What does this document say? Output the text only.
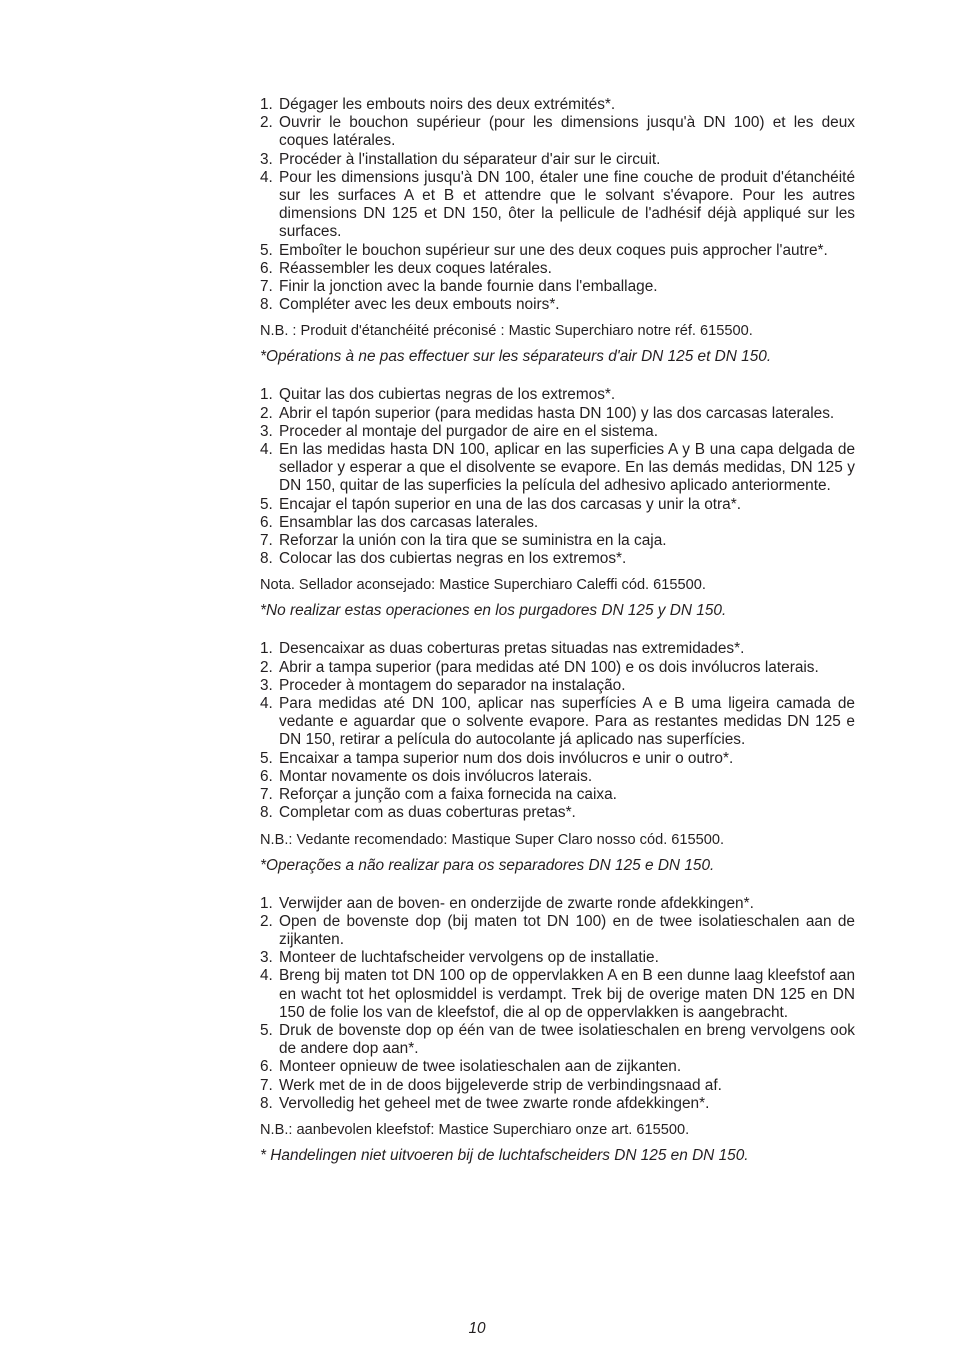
1. Dégager les embouts noirs des deux extrémités*.
2. Ouvrir le bouchon supérieur (pour les dimensions jusqu'à DN 100) et les deux coques latérales.
3. Procéder à l'installation du séparateur d'air sur le circuit.
4. Pour les dimensions jusqu'à DN 100, étaler une fine couche de produit d'étanchéité sur les surfaces A et B et attendre que le solvant s'évapore. Pour les autres dimensions DN 125 et DN 150, ôter la pellicule de l'adhésif déjà appliqué sur les surfaces.
5. Emboîter le bouchon supérieur sur une des deux coques puis approcher l'autre*.
6. Réassembler les deux coques latérales.
7. Finir la jonction avec la bande fournie dans l'emballage.
8. Compléter avec les deux embouts noirs*.
N.B. : Produit d'étanchéité préconisé : Mastic Superchiaro notre réf. 615500.
*Opérations à ne pas effectuer sur les séparateurs d'air DN 125 et DN 150.
1. Quitar las dos cubiertas negras de los extremos*.
2. Abrir el tapón superior (para medidas hasta DN 100) y las dos carcasas laterales.
3. Proceder al montaje del purgador de aire en el sistema.
4. En las medidas hasta DN 100, aplicar en las superficies A y B una capa delgada de sellador y esperar a que el disolvente se evapore. En las demás medidas, DN 125 y DN 150, quitar de las superficies la película del adhesivo aplicado anteriormente.
5. Encajar el tapón superior en una de las dos carcasas y unir la otra*.
6. Ensamblar las dos carcasas laterales.
7. Reforzar la unión con la tira que se suministra en la caja.
8. Colocar las dos cubiertas negras en los extremos*.
Nota. Sellador aconsejado: Mastice Superchiaro Caleffi cód. 615500.
*No realizar estas operaciones en los purgadores DN 125 y DN 150.
1. Desencaixar as duas coberturas pretas situadas nas extremidades*.
2. Abrir a tampa superior (para medidas até DN 100) e os dois invólucros laterais.
3. Proceder à montagem do separador na instalação.
4. Para medidas até DN 100, aplicar nas superfícies A e B uma ligeira camada de vedante e aguardar que o solvente evapore. Para as restantes medidas DN 125 e DN 150, retirar a película do autocolante já aplicado nas superfícies.
5. Encaixar a tampa superior num dos dois invólucros e unir o outro*.
6. Montar novamente os dois invólucros laterais.
7. Reforçar a junção com a faixa fornecida na caixa.
8. Completar com as duas coberturas pretas*.
N.B.: Vedante recomendado: Mastique Super Claro nosso cód. 615500.
*Operações a não realizar para os separadores DN 125 e DN 150.
1. Verwijder aan de boven- en onderzijde de zwarte ronde afdekkingen*.
2. Open de bovenste dop (bij maten tot DN 100) en de twee isolatieschalen aan de zijkanten.
3. Monteer de luchtafscheider vervolgens op de installatie.
4. Breng bij maten tot DN 100 op de oppervlakken A en B een dunne laag kleefstof aan en wacht tot het oplosmiddel is verdampt. Trek bij de overige maten DN 125 en DN 150 de folie los van de kleefstof, die al op de oppervlakken is aangebracht.
5. Druk de bovenste dop op één van de twee isolatieschalen en breng vervolgens ook de andere dop aan*.
6. Monteer opnieuw de twee isolatieschalen aan de zijkanten.
7. Werk met de in de doos bijgeleverde strip de verbindingsnaad af.
8. Vervolledig het geheel met de twee zwarte ronde afdekkingen*.
N.B.: aanbevolen kleefstof: Mastice Superchiaro onze art. 615500.
* Handelingen niet uitvoeren bij de luchtafscheiders DN 125 en DN 150.
10
